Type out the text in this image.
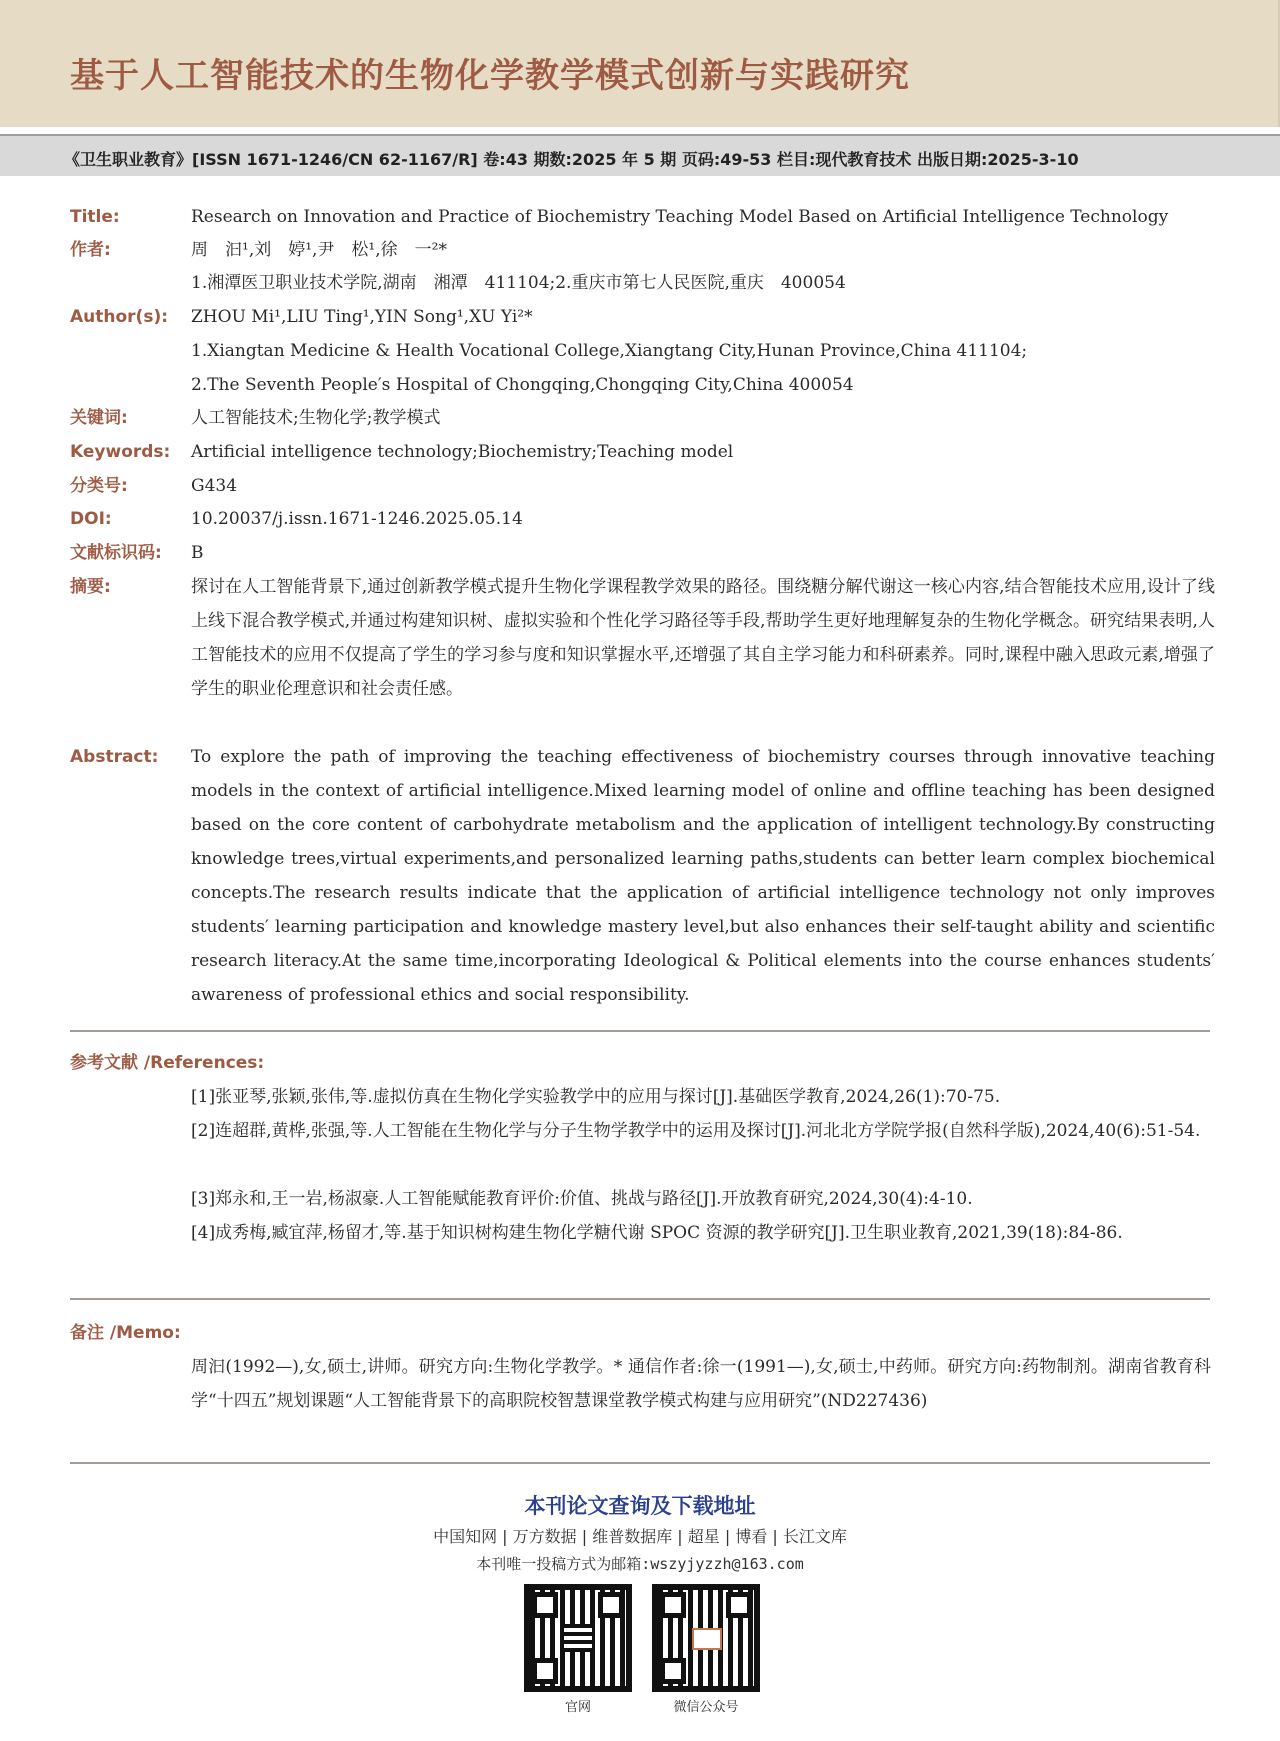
基于人工智能技术的生物化学教学模式创新与实践研究
《卫生职业教育》[ISSN 1671-1246/CN 62-1167/R] 卷:43 期数:2025 年 5 期 页码:49-53 栏目:现代教育技术 出版日期:2025-3-10
Title:	Research on Innovation and Practice of Biochemistry Teaching Model Based on Artificial Intelligence Technology
作者:	周　汩¹,刘　婷¹,尹　松¹,徐　一²*
1.湘潭医卫职业技术学院,湖南　湘潭　411104;2.重庆市第七人民医院,重庆　400054
Author(s): ZHOU Mi¹,LIU Ting¹,YIN Song¹,XU Yi²*
1.Xiangtan Medicine & Health Vocational College,Xiangtang City,Hunan Province,China 411104;
2.The Seventh People′s Hospital of Chongqing,Chongqing City,China 400054
关键词:	人工智能技术;生物化学;教学模式
Keywords: Artificial intelligence technology;Biochemistry;Teaching model
分类号:	G434
DOI:	10.20037/j.issn.1671-1246.2025.05.14
文献标识码: B
摘要:	探讨在人工智能背景下,通过创新教学模式提升生物化学课程教学效果的路径。围绕糖分解代谢这一核心内容,结合智能技术应用,设计了线上线下混合教学模式,并通过构建知识树、虚拟实验和个性化学习路径等手段,帮助学生更好地理解复杂的生物化学概念。研究结果表明,人工智能技术的应用不仅提高了学生的学习参与度和知识掌握水平,还增强了其自主学习能力和科研素养。同时,课程中融入思政元素,增强了学生的职业伦理意识和社会责任感。
Abstract: To explore the path of improving the teaching effectiveness of biochemistry courses through innovative teaching models in the context of artificial intelligence.Mixed learning model of online and offline teaching has been designed based on the core content of carbohydrate metabolism and the application of intelligent technology.By constructing knowledge trees,virtual experiments,and personalized learning paths,students can better learn complex biochemical concepts.The research results indicate that the application of artificial intelligence technology not only improves students′ learning participation and knowledge mastery level,but also enhances their self-taught ability and scientific research literacy.At the same time,incorporating Ideological & Political elements into the course enhances students′ awareness of professional ethics and social responsibility.
参考文献 /References:
[1]张亚琴,张颖,张伟,等.虚拟仿真在生物化学实验教学中的应用与探讨[J].基础医学教育,2024,26(1):70-75.
[2]连超群,黄桦,张强,等.人工智能在生物化学与分子生物学教学中的运用及探讨[J].河北北方学院学报(自然科学版),2024,40(6):51-54.
[3]郑永和,王一岩,杨淑豪.人工智能赋能教育评价:价值、挑战与路径[J].开放教育研究,2024,30(4):4-10.
[4]成秀梅,臧宜萍,杨留才,等.基于知识树构建生物化学糖代谢 SPOC 资源的教学研究[J].卫生职业教育,2021,39(18):84-86.
备注 /Memo:
周汩(1992—),女,硕士,讲师。研究方向:生物化学教学。* 通信作者:徐一(1991—),女,硕士,中药师。研究方向:药物制剂。湖南省教育科学“十四五”规划课题“人工智能背景下的高职院校智慧课堂教学模式构建与应用研究”(ND227436)
本刊论文查询及下载地址
中国知网 | 万方数据 | 维普数据库 | 超星 | 博看 | 长江文库
本刊唯一投稿方式为邮箱:wszyjyzzh@163.com
官网	微信公众号
